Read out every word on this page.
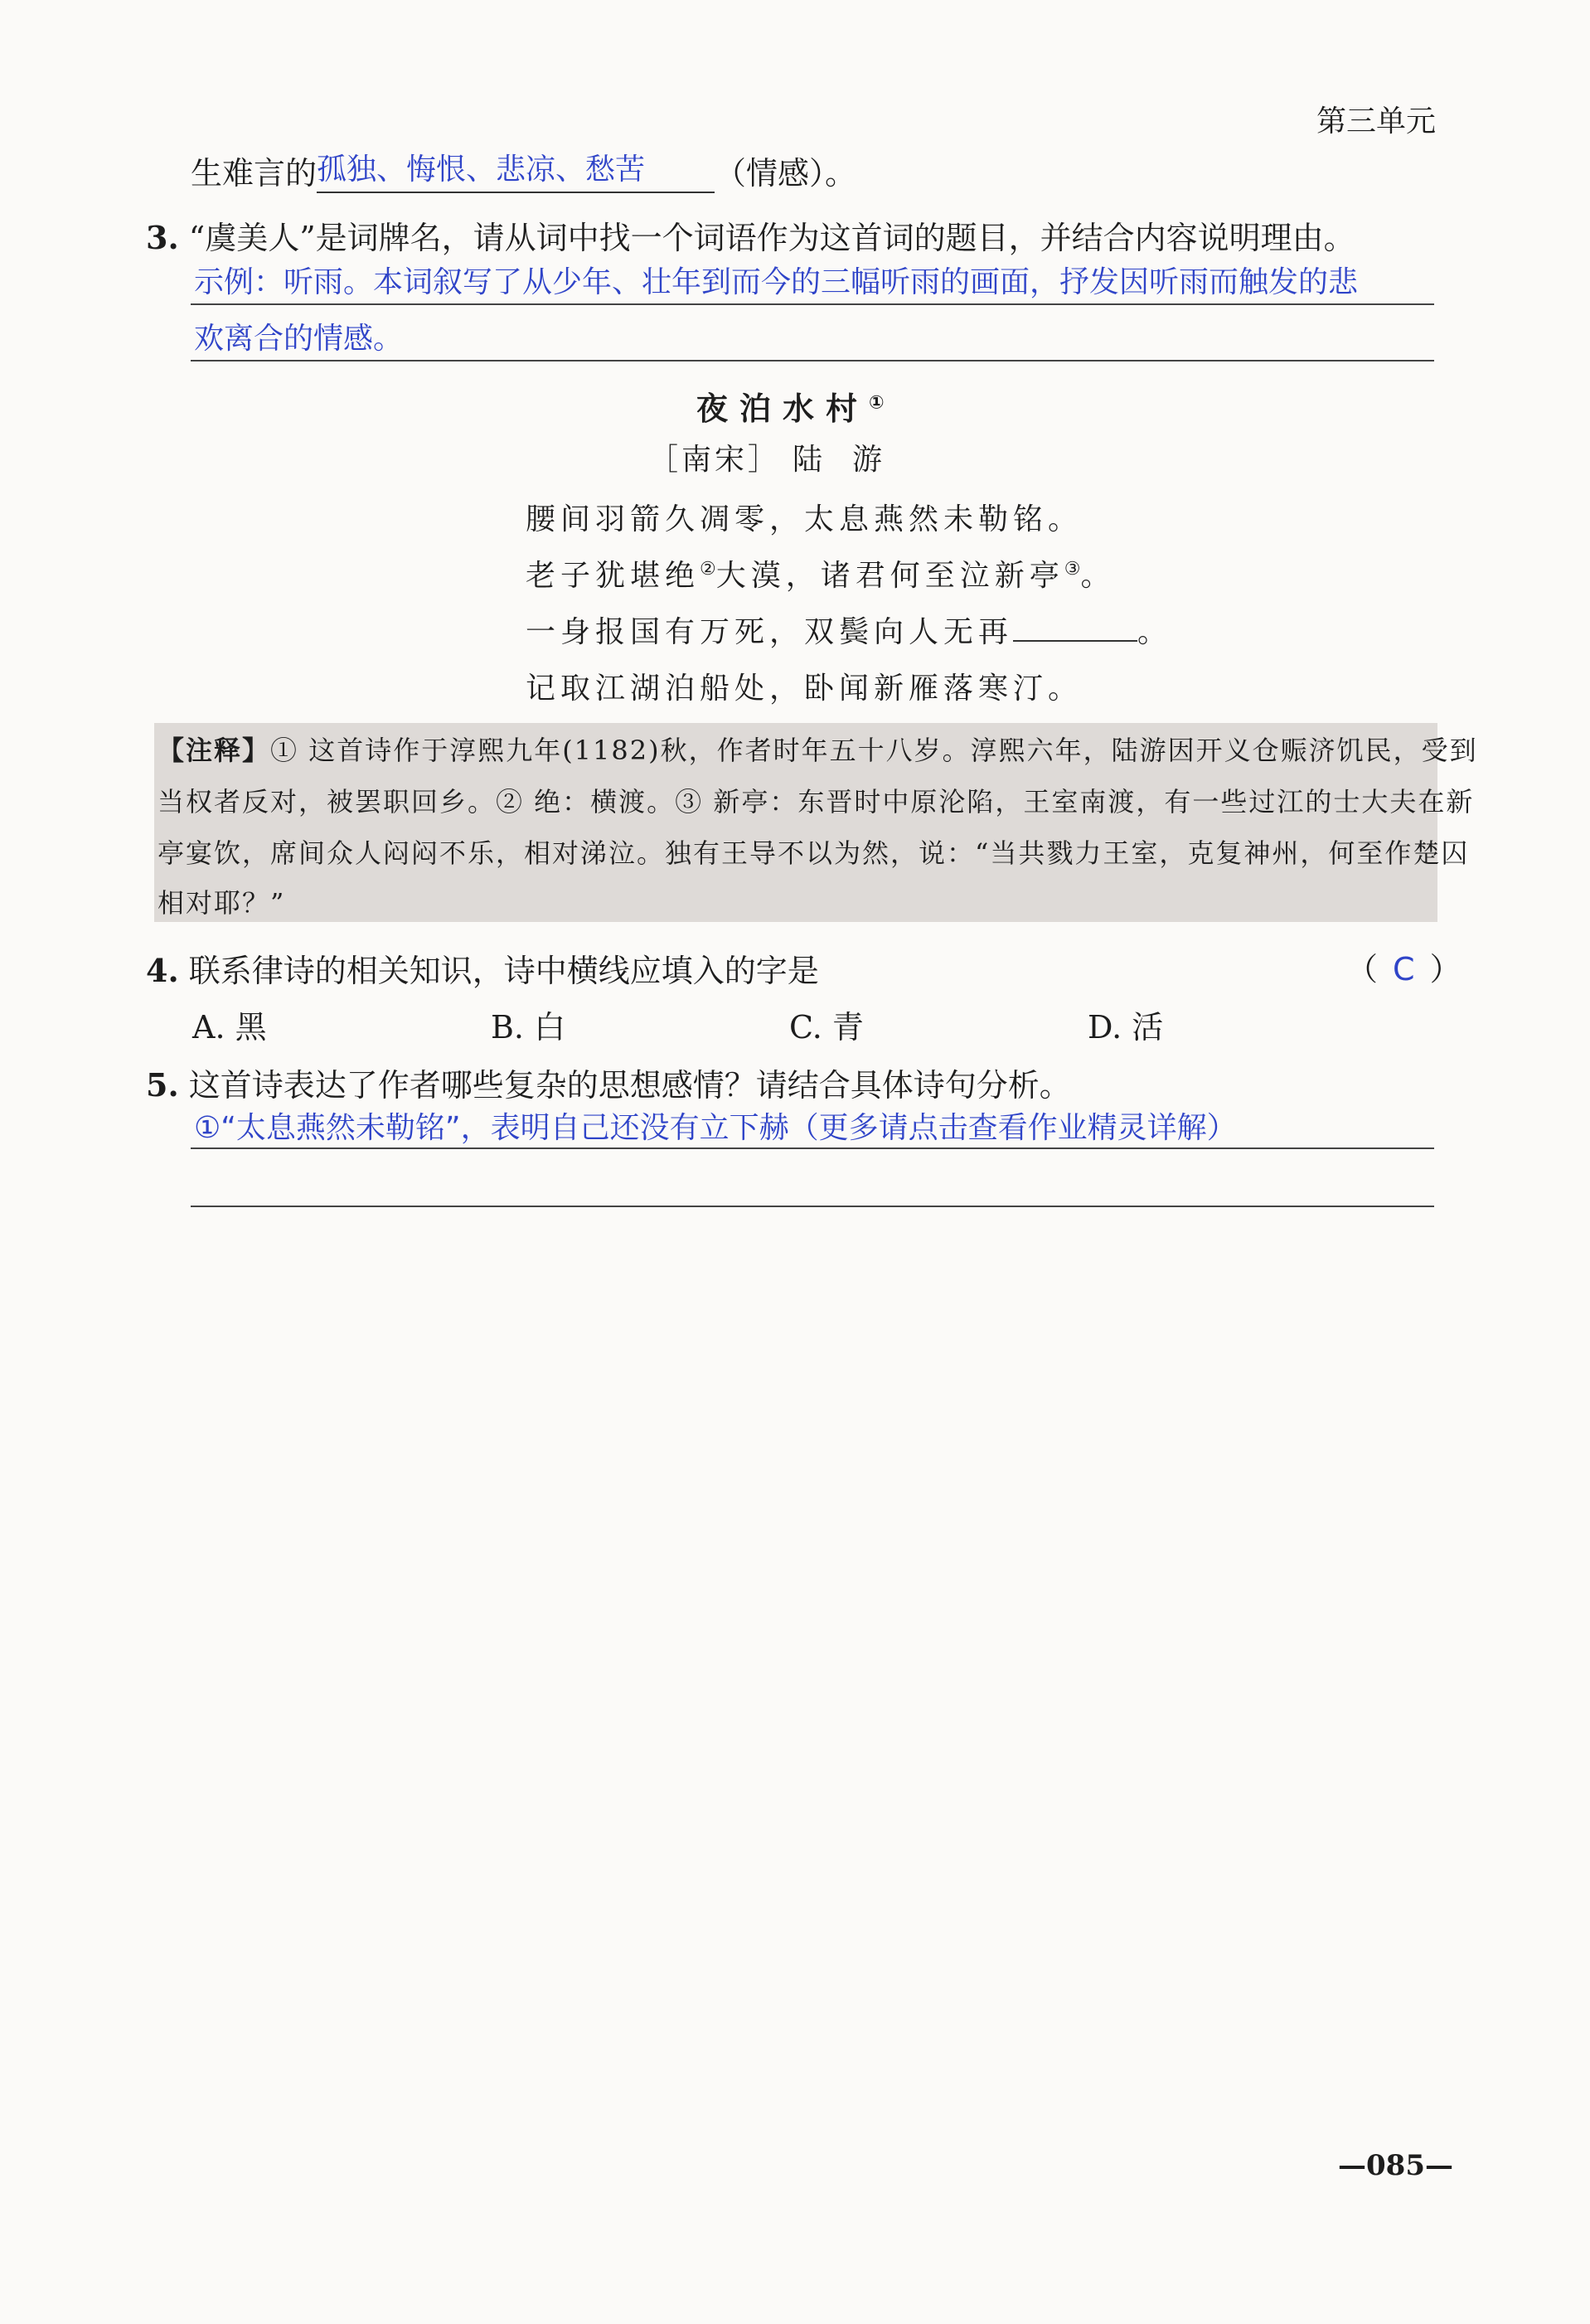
第三单元
生难言的 孤独、悔恨、悲凉、愁苦 （情感）。
3. “虞美人”是词牌名，请从词中找一个词语作为这首词的题目，并结合内容说明理由。
示例：听雨。本词叙写了从少年、壮年到而今的三幅听雨的画面，抒发因听雨而触发的悲
欢离合的情感。
夜泊水村①
［南宋］ 陆游
腰间羽箭久凋零，太息燕然未勒铭。
老子犹堪绝②大漠，诸君何至泣新亭③。
一身报国有万死，双鬓向人无再	。
记取江湖泊船处，卧闻新雁落寒汀。
【注释】① 这首诗作于淳熙九年(1182)秋，作者时年五十八岁。淳熙六年，陆游因开义仓赈济饥民，受到
当权者反对，被罢职回乡。② 绝：横渡。③ 新亭：东晋时中原沦陷，王室南渡，有一些过江的士大夫在新
亭宴饮，席间众人闷闷不乐，相对涕泣。独有王导不以为然，说：“当共戮力王室，克复神州，何至作楚囚
相对耶？”
4. 联系律诗的相关知识，诗中横线应填入的字是	（ C ）
A. 黑	B. 白	C. 青	D. 活
5. 这首诗表达了作者哪些复杂的思想感情？请结合具体诗句分析。
①“太息燕然未勒铭”，表明自己还没有立下赫（更多请点击查看作业精灵详解）
—085—
